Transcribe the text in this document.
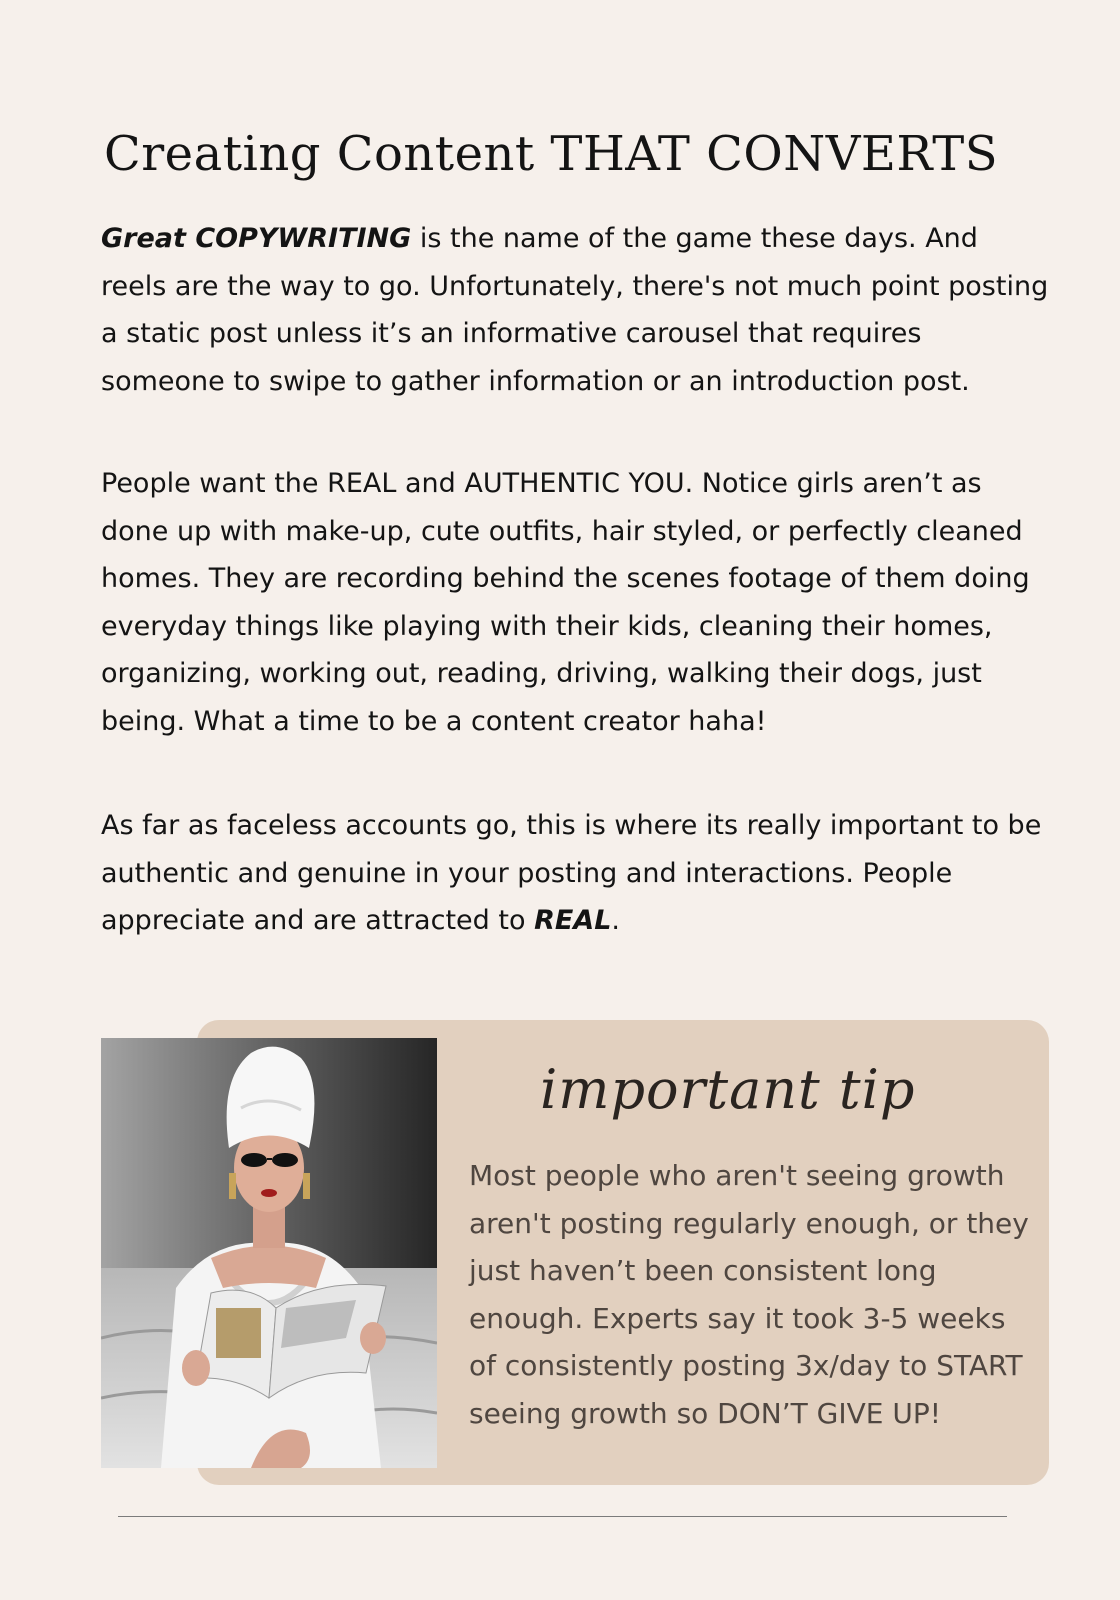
Creating Content THAT CONVERTS

Great COPYWRITING is the name of the game these days. And reels are the way to go. Unfortunately, there's not much point posting a static post unless it’s an informative carousel that requires someone to swipe to gather information or an introduction post.

People want the REAL and AUTHENTIC YOU. Notice girls aren’t as done up with make-up, cute outfits, hair styled, or perfectly cleaned homes. They are recording behind the scenes footage of them doing everyday things like playing with their kids, cleaning their homes, organizing, working out, reading, driving, walking their dogs, just being. What a time to be a content creator haha!

As far as faceless accounts go, this is where its really important to be authentic and genuine in your posting and interactions. People appreciate and are attracted to REAL.

important tip

Most people who aren't seeing growth aren't posting regularly enough, or they just haven’t been consistent long enough. Experts say it took 3-5 weeks of consistently posting 3x/day to START seeing growth so DON’T GIVE UP!
